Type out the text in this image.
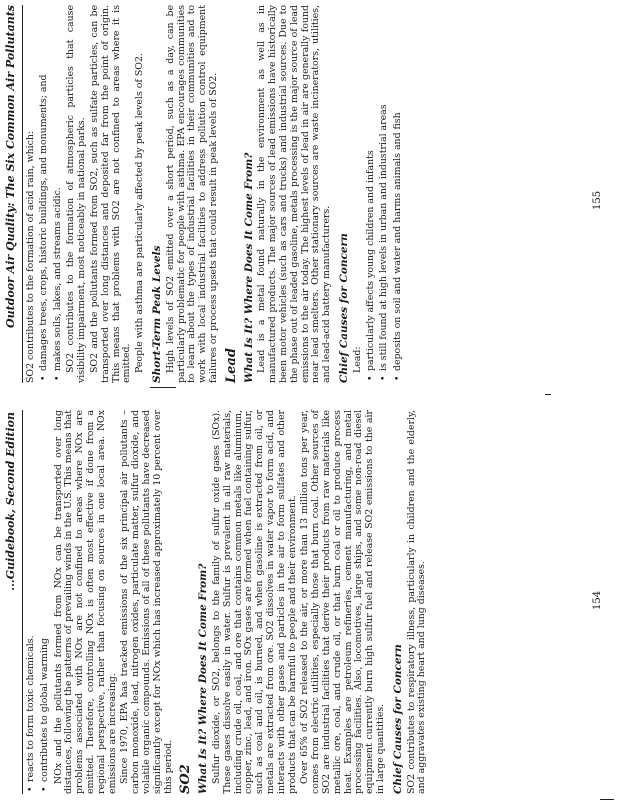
...Guidebook, Second Edition
• reacts to form toxic chemicals. • contributes to global warming NOx and the pollutants formed from NOx can be transported over long distances, following the patterns of prevailing winds in the U.S. This means that problems associated with NOx are not confined to areas where NOx are emitted. Therefore, controlling NOx is often most effective if done from a regional perspective, rather than focusing on sources in one local area. NOx emissions are increasing. Since 1970, EPA has tracked emissions of the six principal air pollutants – carbon monoxide, lead, nitrogen oxides, particulate matter, sulfur dioxide, and volatile organic compounds. Emissions of all of these pollutants have decreased significantly except for NOx which has increased approximately 10 percent over this period. SO2 What Is It? Where Does It Come From? Sulfur dioxide, or SO2, belongs to the family of sulfur oxide gases (SOx). These gases dissolve easily in water. Sulfur is prevalent in all raw materials, including crude oil, coal, and ore that contains common metals like aluminum, copper, zinc, lead, and iron. SOx gases are formed when fuel containing sulfur, such as coal and oil, is burned, and when gasoline is extracted from oil, or metals are extracted from ore. SO2 dissolves in water vapor to form acid, and interacts with other gases and particles in the air to form sulfates and other products that can be harmful to people and their environment. Over 65% of SO2 released to the air, or more than 13 million tons per year, comes from electric utilities, especially those that burn coal. Other sources of SO2 are industrial facilities that derive their products from raw materials like metallic ore, coal, and crude oil, or that burn coal or oil to produce process heat. Examples are petroleum refineries, cement manufacturing, and metal processing facilities. Also, locomotives, large ships, and some non-road diesel equipment currently burn high sulfur fuel and release SO2 emissions to the air in large quantities. Chief Causes for Concern SO2 contributes to respiratory illness, particularly in children and the elderly, and aggravates existing heart and lung diseases.	154
Outdoor Air Quality: The Six Common Air Pollutants SO2 contributes to the formation of acid rain, which: • damages trees, crops, historic buildings, and monuments; and • makes soils, lakes, and streams acidic. SO2 contributes to the formation of atmospheric particles that cause visibility impairment, most noticeably in national parks. SO2 and the pollutants formed from SO2, such as sulfate particles, can be transported over long distances and deposited far from the point of origin. This means that problems with SO2 are not confined to areas where it is emitted. People with asthma are particularly affected by peak levels of SO2. Short-Term Peak Levels High levels of SO2 emitted over a short period, such as a day, can be particularly problematic for people with asthma. EPA encourages communities to learn about the types of industrial facilities in their communities and to work with local industrial facilities to address pollution control equipment failures or process upsets that could result in peak levels of SO2. Lead What Is It? Where Does It Come From? Lead is a metal found naturally in the environment as well as in manufactured products. The major sources of lead emissions have historically been motor vehicles (such as cars and trucks) and industrial sources. Due to the phase out of leaded gasoline, metals processing is the major source of lead emissions to the air today. The highest levels of lead in air are generally found near lead smelters. Other stationary sources are waste incinerators, utilities, and lead-acid battery manufacturers. Chief Causes for Concern Lead: • particularly affects young children and infants • is still found at high levels in urban and industrial areas • deposits on soil and water and harms animals and fish	155
